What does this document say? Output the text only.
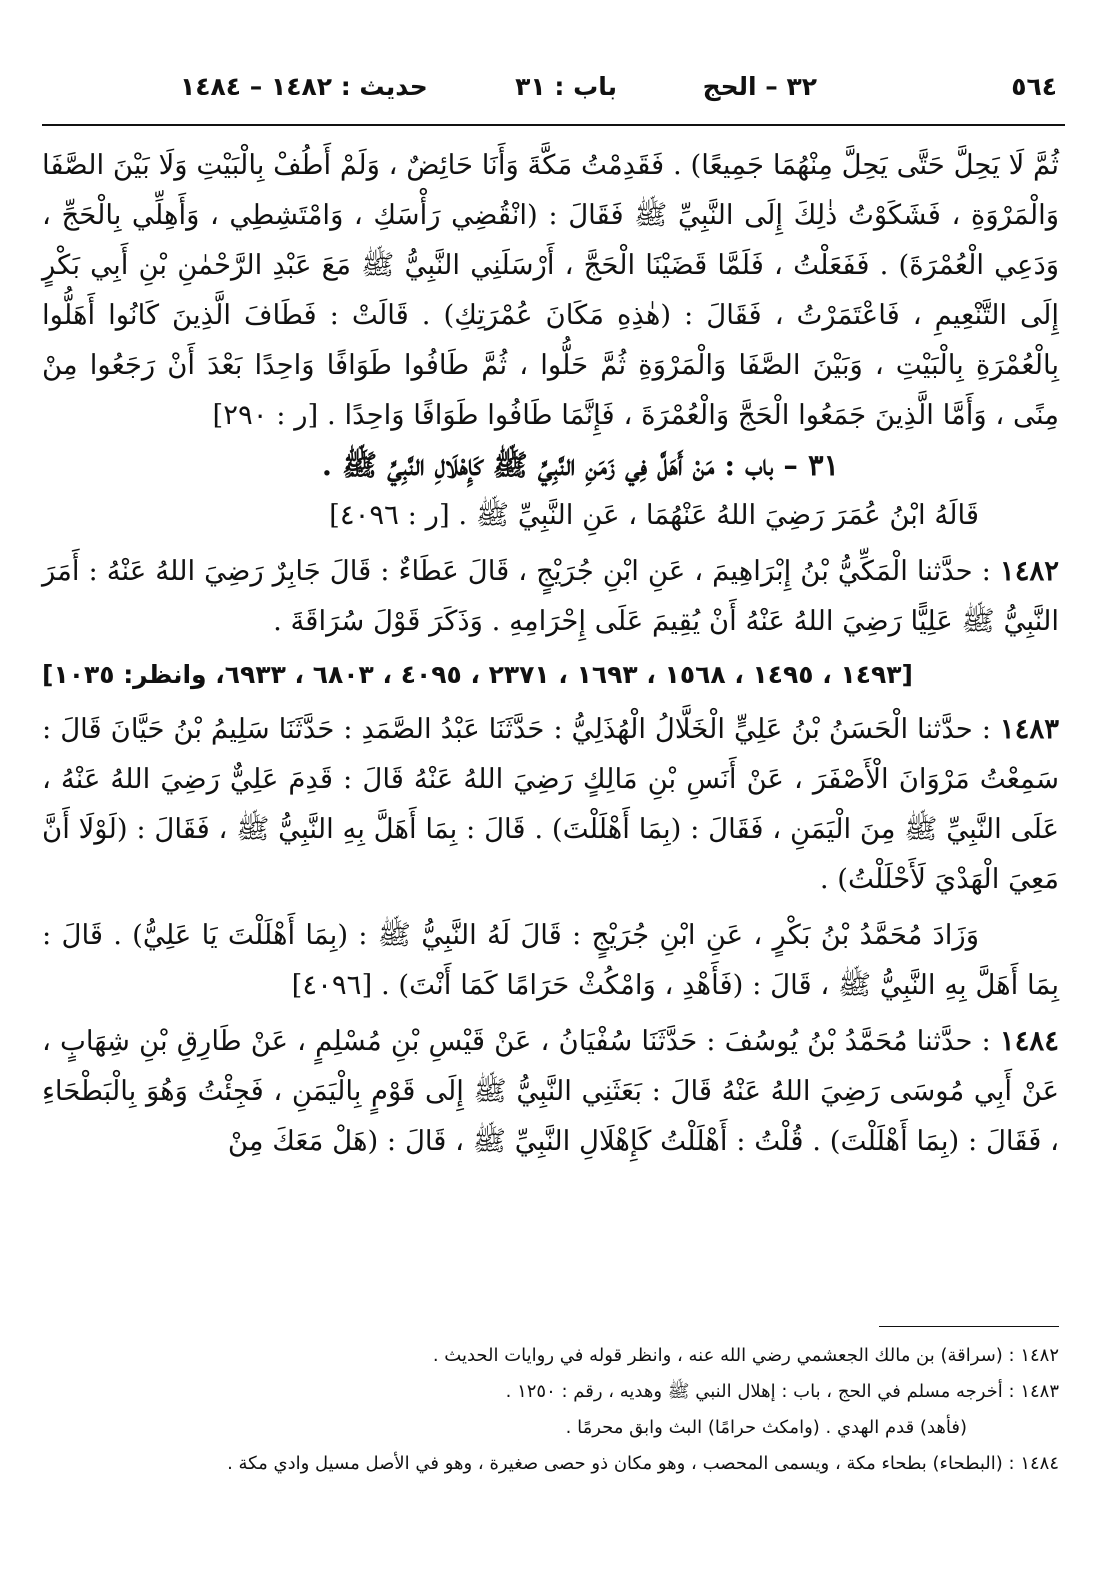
٥٦٤
٣٢ – الحج
باب : ٣١
حديث : ١٤٨٢ – ١٤٨٤

ثُمَّ لَا يَحِلَّ حَتَّى يَحِلَّ مِنْهُمَا جَمِيعًا) . فَقَدِمْتُ مَكَّةَ وَأَنَا حَائِضٌ ، وَلَمْ أَطُفْ بِالْبَيْتِ وَلَا بَيْنَ الصَّفَا وَالْمَرْوَةِ ، فَشَكَوْتُ ذٰلِكَ إِلَى النَّبِيِّ ﷺ فَقَالَ : (انْقُضِي رَأْسَكِ ، وَامْتَشِطِي ، وَأَهِلِّي بِالْحَجِّ ، وَدَعِي الْعُمْرَةَ) . فَفَعَلْتُ ، فَلَمَّا قَضَيْنَا الْحَجَّ ، أَرْسَلَنِي النَّبِيُّ ﷺ مَعَ عَبْدِ الرَّحْمٰنِ بْنِ أَبِي بَكْرٍ إِلَى التَّنْعِيمِ ، فَاعْتَمَرْتُ ، فَقَالَ : (هٰذِهِ مَكَانَ عُمْرَتِكِ) . قَالَتْ : فَطَافَ الَّذِينَ كَانُوا أَهَلُّوا بِالْعُمْرَةِ بِالْبَيْتِ ، وَبَيْنَ الصَّفَا وَالْمَرْوَةِ ثُمَّ حَلُّوا ، ثُمَّ طَافُوا طَوَافًا وَاحِدًا بَعْدَ أَنْ رَجَعُوا مِنْ مِنًى ، وَأَمَّا الَّذِينَ جَمَعُوا الْحَجَّ وَالْعُمْرَةَ ، فَإِنَّمَا طَافُوا طَوَافًا وَاحِدًا . [ر : ٢٩٠]

٣١ – باب : مَنْ أَهَلَّ فِي زَمَنِ النَّبِيِّ ﷺ كَإِهْلَالِ النَّبِيِّ ﷺ .

قَالَهُ ابْنُ عُمَرَ رَضِيَ اللهُ عَنْهُمَا ، عَنِ النَّبِيِّ ﷺ . [ر : ٤٠٩٦]

١٤٨٢ : حدَّثنا الْمَكِّيُّ بْنُ إِبْرَاهِيمَ ، عَنِ ابْنِ جُرَيْجٍ ، قَالَ عَطَاءٌ : قَالَ جَابِرٌ رَضِيَ اللهُ عَنْهُ : أَمَرَ النَّبِيُّ ﷺ عَلِيًّا رَضِيَ اللهُ عَنْهُ أَنْ يُقِيمَ عَلَى إِحْرَامِهِ . وَذَكَرَ قَوْلَ سُرَاقَةَ .

[١٤٩٣ ، ١٤٩٥ ، ١٥٦٨ ، ١٦٩٣ ، ٢٣٧١ ، ٤٠٩٥ ، ٦٨٠٣ ، ٦٩٣٣، وانظر: ١٠٣٥]

١٤٨٣ : حدَّثنا الْحَسَنُ بْنُ عَلِيٍّ الْخَلَّالُ الْهُذَلِيُّ : حَدَّثَنَا عَبْدُ الصَّمَدِ : حَدَّثَنَا سَلِيمُ بْنُ حَيَّانَ قَالَ : سَمِعْتُ مَرْوَانَ الْأَصْفَرَ ، عَنْ أَنَسِ بْنِ مَالِكٍ رَضِيَ اللهُ عَنْهُ قَالَ : قَدِمَ عَلِيٌّ رَضِيَ اللهُ عَنْهُ ، عَلَى النَّبِيِّ ﷺ مِنَ الْيَمَنِ ، فَقَالَ : (بِمَا أَهْلَلْتَ) . قَالَ : بِمَا أَهَلَّ بِهِ النَّبِيُّ ﷺ ، فَقَالَ : (لَوْلَا أَنَّ مَعِيَ الْهَدْيَ لَأَحْلَلْتُ) .

وَزَادَ مُحَمَّدُ بْنُ بَكْرٍ ، عَنِ ابْنِ جُرَيْجٍ : قَالَ لَهُ النَّبِيُّ ﷺ : (بِمَا أَهْلَلْتَ يَا عَلِيُّ) . قَالَ : بِمَا أَهَلَّ بِهِ النَّبِيُّ ﷺ ، قَالَ : (فَأَهْدِ ، وَامْكُثْ حَرَامًا كَمَا أَنْتَ) . [٤٠٩٦]

١٤٨٤ : حدَّثنا مُحَمَّدُ بْنُ يُوسُفَ : حَدَّثَنَا سُفْيَانُ ، عَنْ قَيْسِ بْنِ مُسْلِمٍ ، عَنْ طَارِقِ بْنِ شِهَابٍ ، عَنْ أَبِي مُوسَى رَضِيَ اللهُ عَنْهُ قَالَ : بَعَثَنِي النَّبِيُّ ﷺ إِلَى قَوْمٍ بِالْيَمَنِ ، فَجِئْتُ وَهُوَ بِالْبَطْحَاءِ ، فَقَالَ : (بِمَا أَهْلَلْتَ) . قُلْتُ : أَهْلَلْتُ كَإِهْلَالِ النَّبِيِّ ﷺ ، قَالَ : (هَلْ مَعَكَ مِنْ

١٤٨٢ : (سراقة) بن مالك الجعشمي رضي الله عنه ، وانظر قوله في روايات الحديث .

١٤٨٣ : أخرجه مسلم في الحج ، باب : إهلال النبي ﷺ وهديه ، رقم : ١٢٥٠ .

(فأهد) قدم الهدي . (وامكث حرامًا) البث وابق محرمًا .

١٤٨٤ : (البطحاء) بطحاء مكة ، ويسمى المحصب ، وهو مكان ذو حصى صغيرة ، وهو في الأصل مسيل وادي مكة .
